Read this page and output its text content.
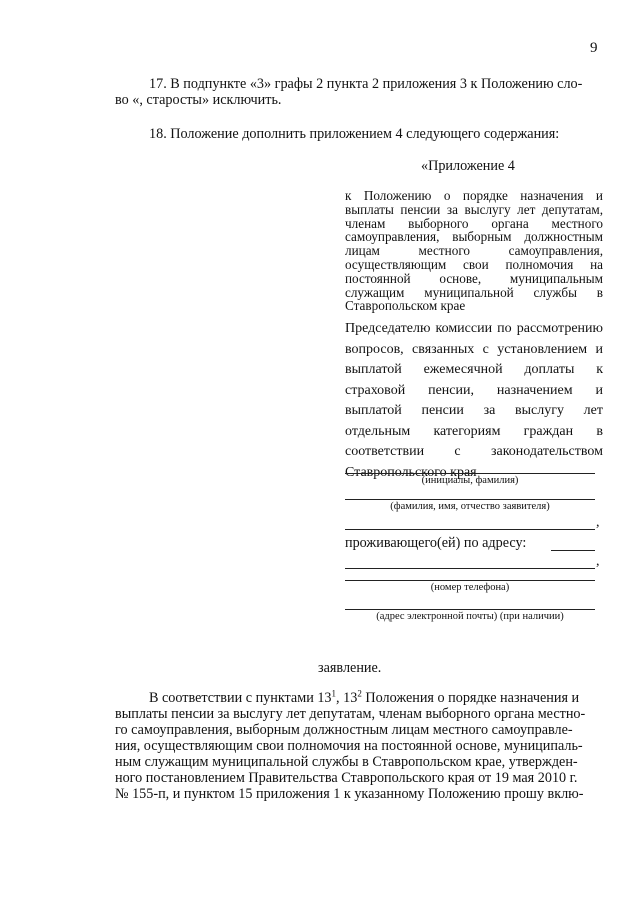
9
17. В подпункте «3» графы 2 пункта 2 приложения 3 к Положению сло-
во «, старосты» исключить.
18. Положение дополнить приложением 4 следующего содержания:
«Приложение 4
к Положению о порядке назначения и выплаты пенсии за выслугу лет депутатам, членам выборного органа местного самоуправления, выборным должностным лицам местного самоуправления, осуществляющим свои полномочия на постоянной основе, муниципальным служащим муниципальной службы в Ставропольском крае
Председателю комиссии по рассмотрению вопросов, связанных с установлением и выплатой ежемесячной доплаты к страховой пенсии, назначением и выплатой пенсии за выслугу лет отдельным категориям граждан в соответствии с законодательством Ставропольского края
(инициалы, фамилия)
(фамилия, имя, отчество заявителя)
,
проживающего(ей) по адресу:
,
(номер телефона)
(адрес электронной почты) (при наличии)
заявление.
В соответствии с пунктами $13^1$, $13^2$ Положения о порядке назначения и
выплаты пенсии за выслугу лет депутатам, членам выборного органа местно-
го самоуправления, выборным должностным лицам местного самоуправле-
ния, осуществляющим свои полномочия на постоянной основе, муниципаль-
ным служащим муниципальной службы в Ставропольском крае, утвержден-
ного постановлением Правительства Ставропольского края от 19 мая 2010 г.
№ 155-п, и пунктом 15 приложения 1 к указанному Положению прошу вклю-
